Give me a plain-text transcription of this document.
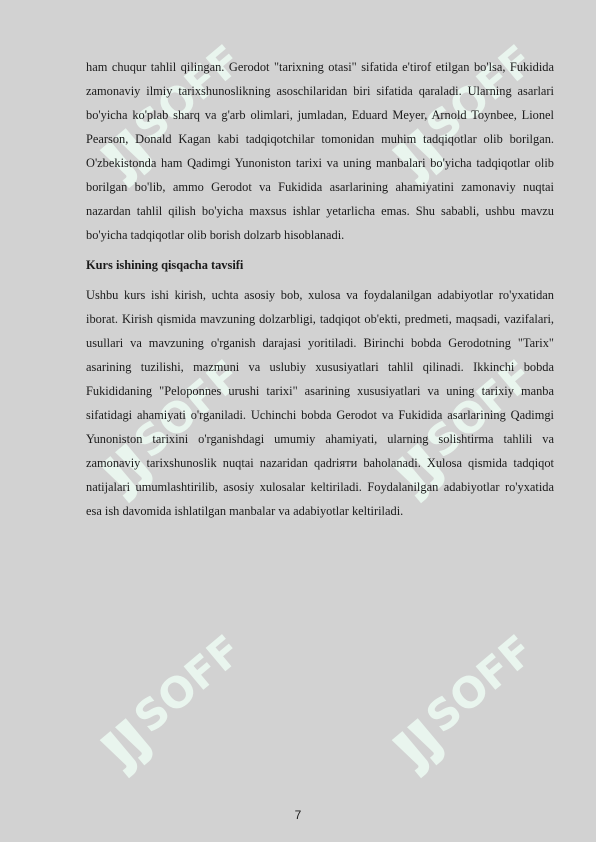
SOFF	SOFF
SOFF	SOFF
SOFF	SOFF

ham chuqur tahlil qilingan. Gerodot "tarixning otasi" sifatida e'tirof etilgan bo'lsa, Fukidida zamonaviy ilmiy tarixshunoslikning asoschilaridan biri sifatida qaraladi. Ularning asarlari bo'yicha ko'plab sharq va g'arb olimlari, jumladan, Eduard Meyer, Arnold Toynbee, Lionel Pearson, Donald Kagan kabi tadqiqotchilar tomonidan muhim tadqiqotlar olib borilgan. O'zbekistonda ham Qadimgi Yunoniston tarixi va uning manbalari bo'yicha tadqiqotlar olib borilgan bo'lib, ammo Gerodot va Fukidida asarlarining ahamiyatini zamonaviy nuqtai nazardan tahlil qilish bo'yicha maxsus ishlar yetarlicha emas. Shu sababli, ushbu mavzu bo'yicha tadqiqotlar olib borish dolzarb hisoblanadi.

Kurs ishining qisqacha tavsifi

Ushbu kurs ishi kirish, uchta asosiy bob, xulosa va foydalanilgan adabiyotlar ro'yxatidan iborat. Kirish qismida mavzuning dolzarbligi, tadqiqot ob'ekti, predmeti, maqsadi, vazifalari, usullari va mavzuning o'rganish darajasi yoritiladi. Birinchi bobda Gerodotning "Tarix" asarining tuzilishi, mazmuni va uslubiy xususiyatlari tahlil qilinadi. Ikkinchi bobda Fukididaning "Peloponnes urushi tarixi" asarining xususiyatlari va uning tarixiy manba sifatidagi ahamiyati o'rganiladi. Uchinchi bobda Gerodot va Fukidida asarlarining Qadimgi Yunoniston tarixini o'rganishdagi umumiy ahamiyati, ularning solishtirma tahlili va zamonaviy tarixshunoslik nuqtai nazaridan qadriяти baholanadi. Xulosa qismida tadqiqot natijalari umumlashtirilib, asosiy xulosalar keltiriladi. Foydalanilgan adabiyotlar ro'yxatida esa ish davomida ishlatilgan manbalar va adabiyotlar keltiriladi.

7
